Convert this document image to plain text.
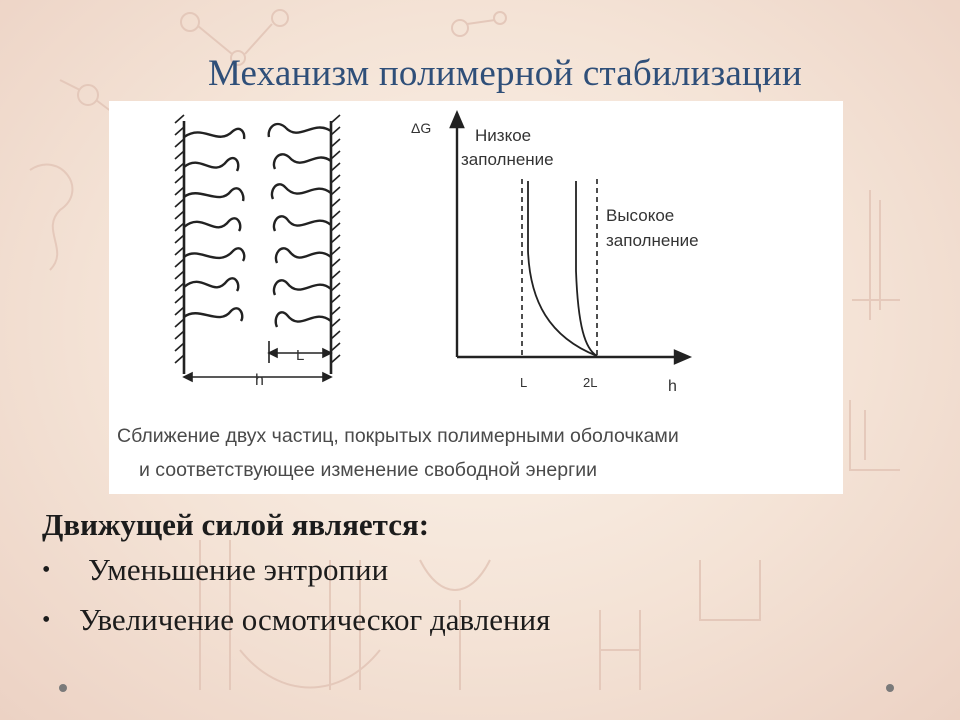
Механизм полимерной стабилизации
L
h
ΔG
h
L	2L
Низкое
заполнение
Высокое
заполнение
Сближение двух частиц, покрытых полимерными оболочками
и соответствующее изменение свободной энергии
Движущей силой является:
• Уменьшение энтропии
• Увеличение осмотическог давления
